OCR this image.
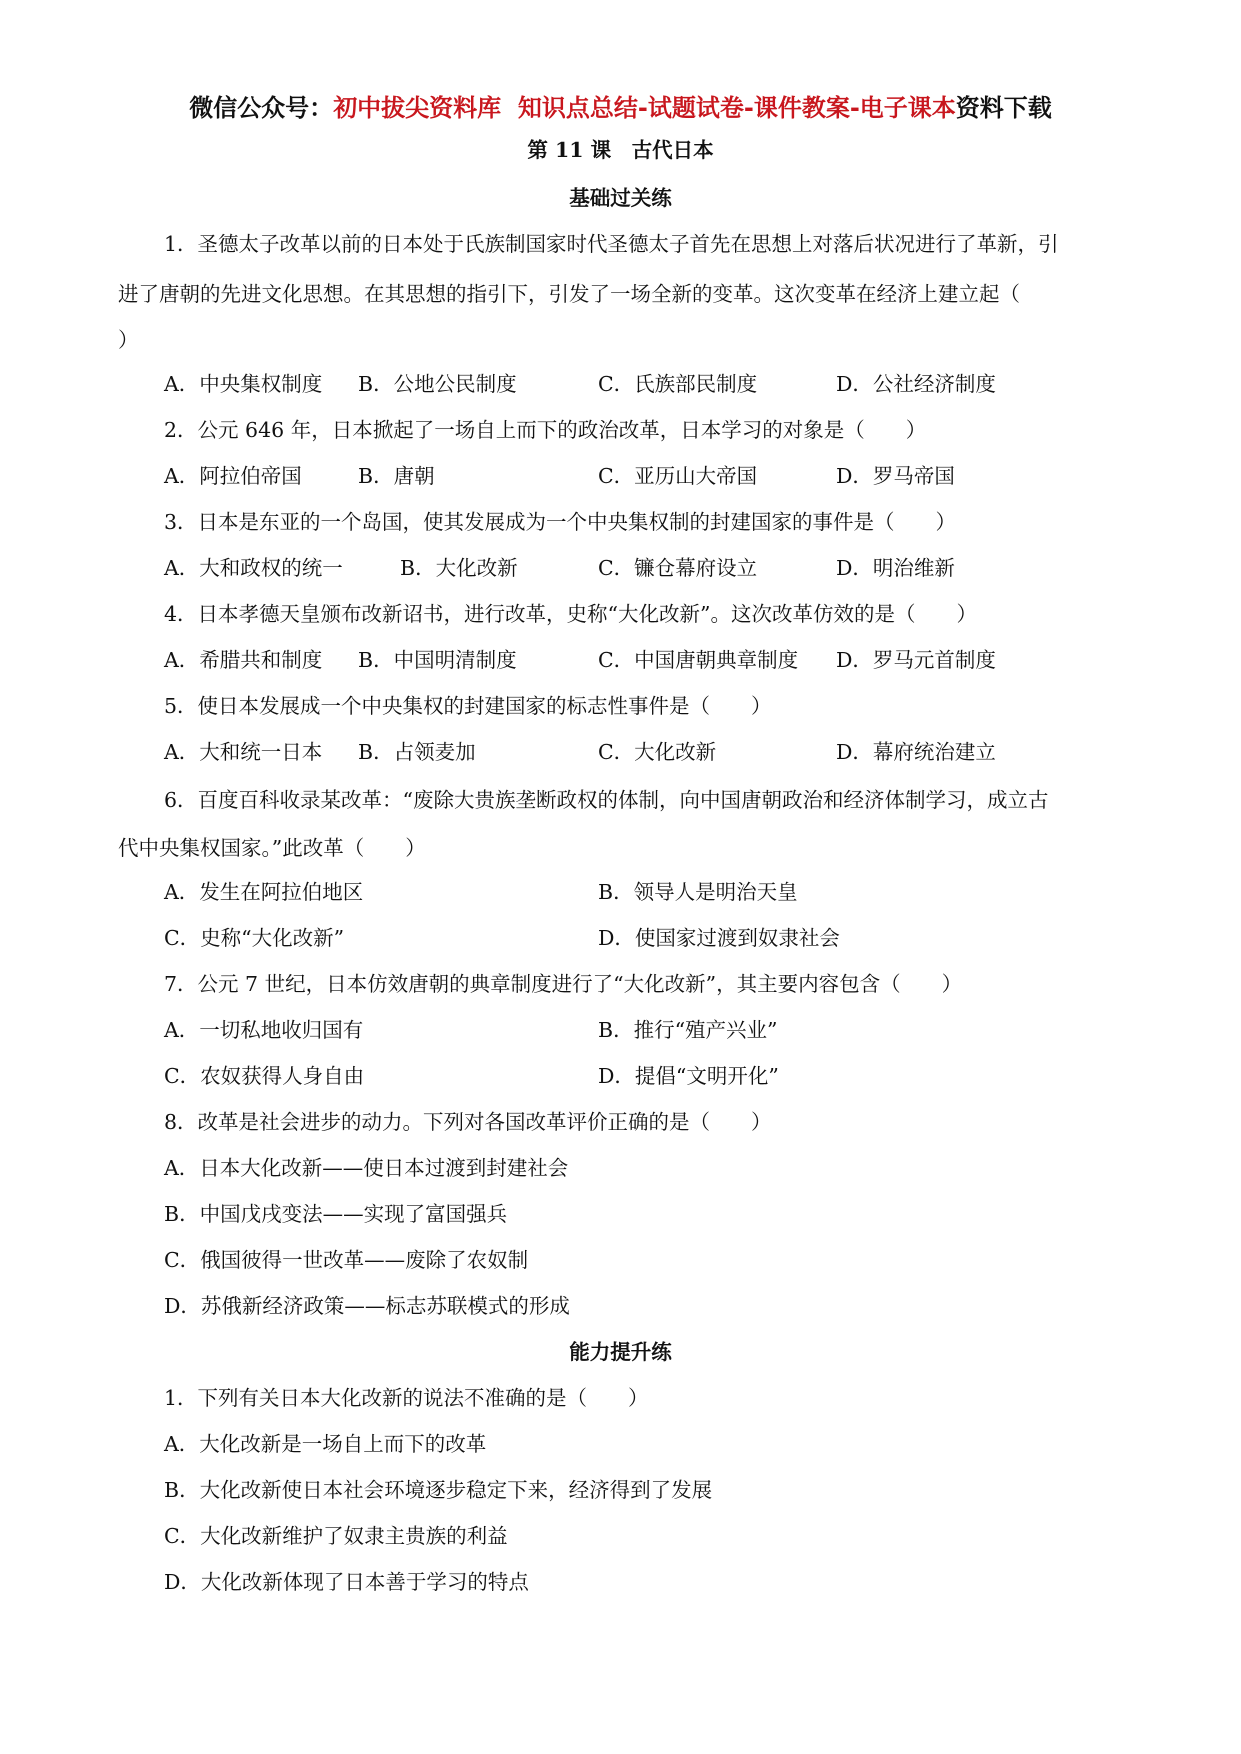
微信公众号：初中拔尖资料库 知识点总结-试题试卷-课件教案-电子课本资料下载
第 11 课　古代日本
基础过关练
1．圣德太子改革以前的日本处于氏族制国家时代圣德太子首先在思想上对落后状况进行了革新，引
进了唐朝的先进文化思想。在其思想的指引下，引发了一场全新的变革。这次变革在经济上建立起（
）
A．中央集权制度 B．公地公民制度	C．氏族部民制度	D．公社经济制度
2．公元 646 年，日本掀起了一场自上而下的政治改革，日本学习的对象是（　　）
A．阿拉伯帝国	B．唐朝	C．亚历山大帝国	D．罗马帝国
3．日本是东亚的一个岛国，使其发展成为一个中央集权制的封建国家的事件是（　　）
A．大和政权的统一	B．大化改新	C．镰仓幕府设立	D．明治维新
4．日本孝德天皇颁布改新诏书，进行改革，史称“大化改新”。这次改革仿效的是（　　）
A．希腊共和制度 B．中国明清制度	C．中国唐朝典章制度 D．罗马元首制度
5．使日本发展成一个中央集权的封建国家的标志性事件是（　　）
A．大和统一日本 B．占领麦加	C．大化改新	D．幕府统治建立
6．百度百科收录某改革：“废除大贵族垄断政权的体制，向中国唐朝政治和经济体制学习，成立古
代中央集权国家。”此改革（　　）
A．发生在阿拉伯地区	B．领导人是明治天皇
C．史称“大化改新”	D．使国家过渡到奴隶社会
7．公元 7 世纪，日本仿效唐朝的典章制度进行了“大化改新”，其主要内容包含（　　）
A．一切私地收归国有	B．推行“殖产兴业”
C．农奴获得人身自由	D．提倡“文明开化”
8．改革是社会进步的动力。下列对各国改革评价正确的是（　　）
A．日本大化改新——使日本过渡到封建社会
B．中国戊戌变法——实现了富国强兵
C．俄国彼得一世改革——废除了农奴制
D．苏俄新经济政策——标志苏联模式的形成
能力提升练
1．下列有关日本大化改新的说法不准确的是（　　）
A．大化改新是一场自上而下的改革
B．大化改新使日本社会环境逐步稳定下来，经济得到了发展
C．大化改新维护了奴隶主贵族的利益
D．大化改新体现了日本善于学习的特点
